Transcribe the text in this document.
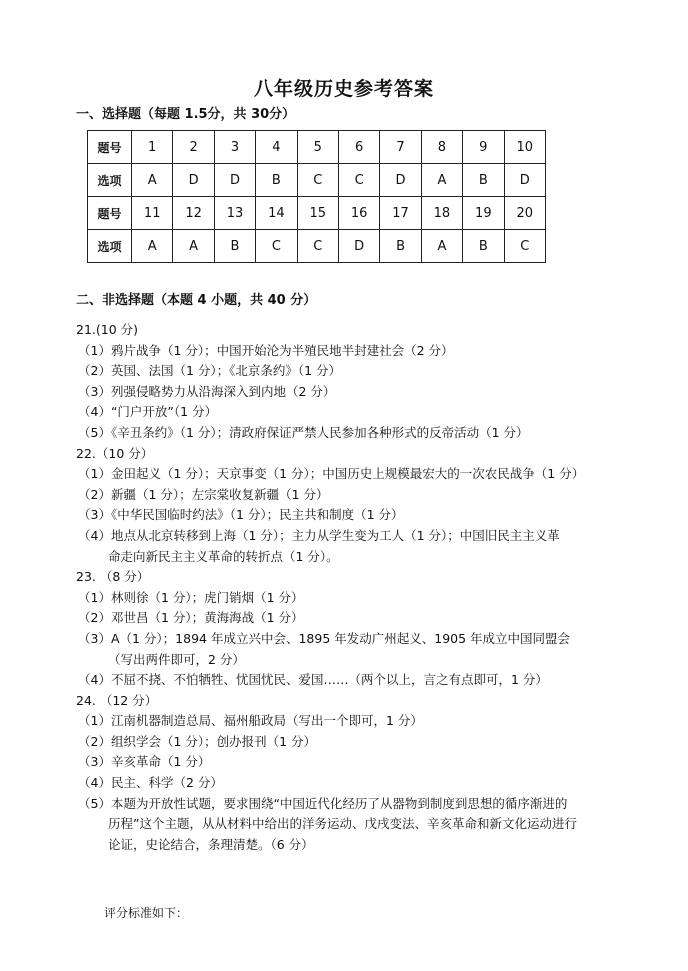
八年级历史参考答案
一、选择题（每题 1.5分，共 30分）
题号	1	2	3	4	5	6	7	8	9	10
选项	A	D	D	B	C	C	D	A	B	D
题号	11	12	13	14	15	16	17	18	19	20
选项	A	A	B	C	C	D	B	A	B	C
二、非选择题（本题 4 小题，共 40 分）
21.(10 分)
（1）鸦片战争（1 分）；中国开始沦为半殖民地半封建社会（2 分）
（2）英国、法国（1 分）；《北京条约》（1 分）
（3）列强侵略势力从沿海深入到内地（2 分）
（4）“门户开放”（1 分）
（5）《辛丑条约》（1 分）；清政府保证严禁人民参加各种形式的反帝活动（1 分）
22.（10 分）
（1）金田起义（1 分）；天京事变（1 分）；中国历史上规模最宏大的一次农民战争（1 分）
（2）新疆（1 分）；左宗棠收复新疆（1 分）
（3）《中华民国临时约法》（1 分）；民主共和制度（1 分）
（4）地点从北京转移到上海（1 分）；主力从学生变为工人（1 分）；中国旧民主主义革
命走向新民主主义革命的转折点（1 分）。
23. （8 分）
（1）林则徐（1 分）；虎门销烟（1 分）
（2）邓世昌（1 分）；黄海海战（1 分）
（3）A（1 分）；1894 年成立兴中会、1895 年发动广州起义、1905 年成立中国同盟会
（写出两件即可，2 分）
（4）不屈不挠、不怕牺牲、忧国忧民、爱国……（两个以上，言之有点即可，1 分）
24. （12 分）
（1）江南机器制造总局、福州船政局（写出一个即可，1 分）
（2）组织学会（1 分）；创办报刊（1 分）
（3）辛亥革命（1 分）
（4）民主、科学（2 分）
（5）本题为开放性试题，要求围绕“中国近代化经历了从器物到制度到思想的循序渐进的
历程”这个主题，从从材料中给出的洋务运动、戊戌变法、辛亥革命和新文化运动进行
论证，史论结合，条理清楚。（6 分）
评分标准如下：
